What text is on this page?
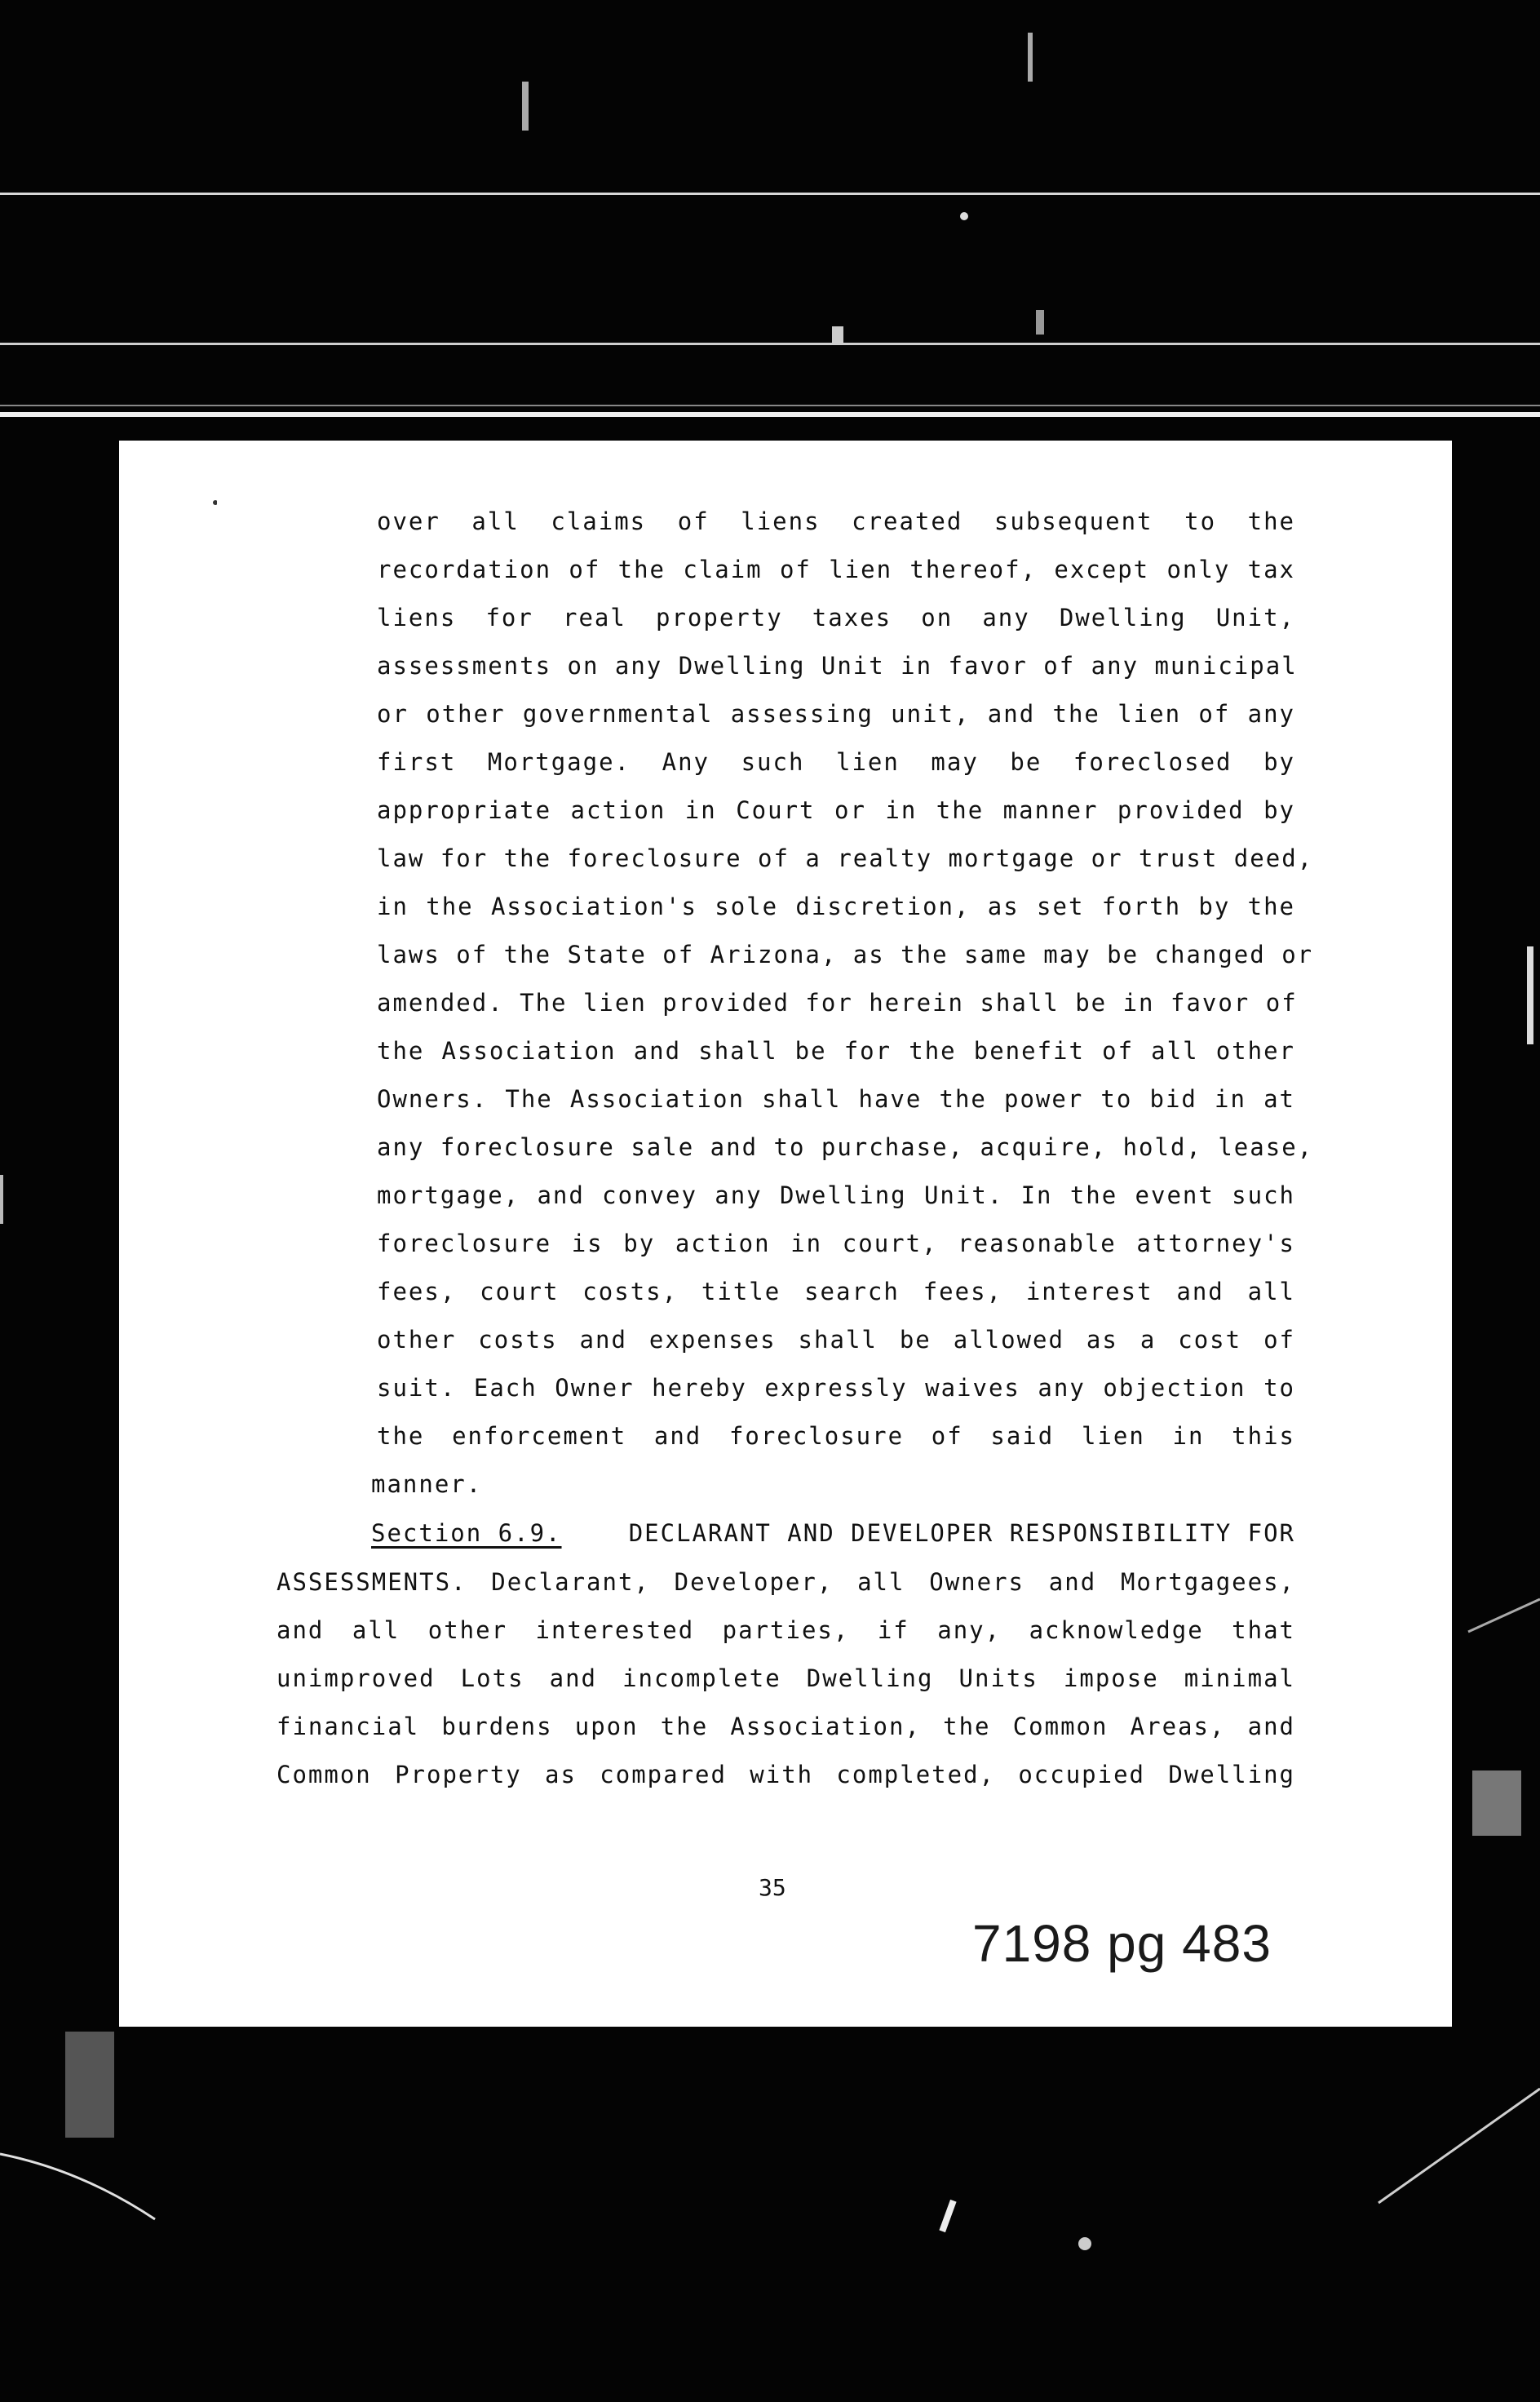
over all claims of liens created subsequent to the
recordation of the claim of lien thereof, except only tax
liens for real property taxes on any Dwelling Unit,
assessments on any Dwelling Unit in favor of any municipal
or other governmental assessing unit, and the lien of any
first Mortgage. Any such lien may be foreclosed by
appropriate action in Court or in the manner provided by
law for the foreclosure of a realty mortgage or trust deed,
in the Association's sole discretion, as set forth by the
laws of the State of Arizona, as the same may be changed or
amended. The lien provided for herein shall be in favor of
the Association and shall be for the benefit of all other
Owners. The Association shall have the power to bid in at
any foreclosure sale and to purchase, acquire, hold, lease,
mortgage, and convey any Dwelling Unit. In the event such
foreclosure is by action in court, reasonable attorney's
fees, court costs, title search fees, interest and all
other costs and expenses shall be allowed as a cost of
suit. Each Owner hereby expressly waives any objection to
the enforcement and foreclosure of said lien in this
manner.
Section 6.9.	DECLARANT AND DEVELOPER RESPONSIBILITY FOR
ASSESSMENTS. Declarant, Developer, all Owners and Mortgagees,
and all other interested parties, if any, acknowledge that
unimproved Lots and incomplete Dwelling Units impose minimal
financial burdens upon the Association, the Common Areas, and
Common Property as compared with completed, occupied Dwelling
35
7198 pg 483
